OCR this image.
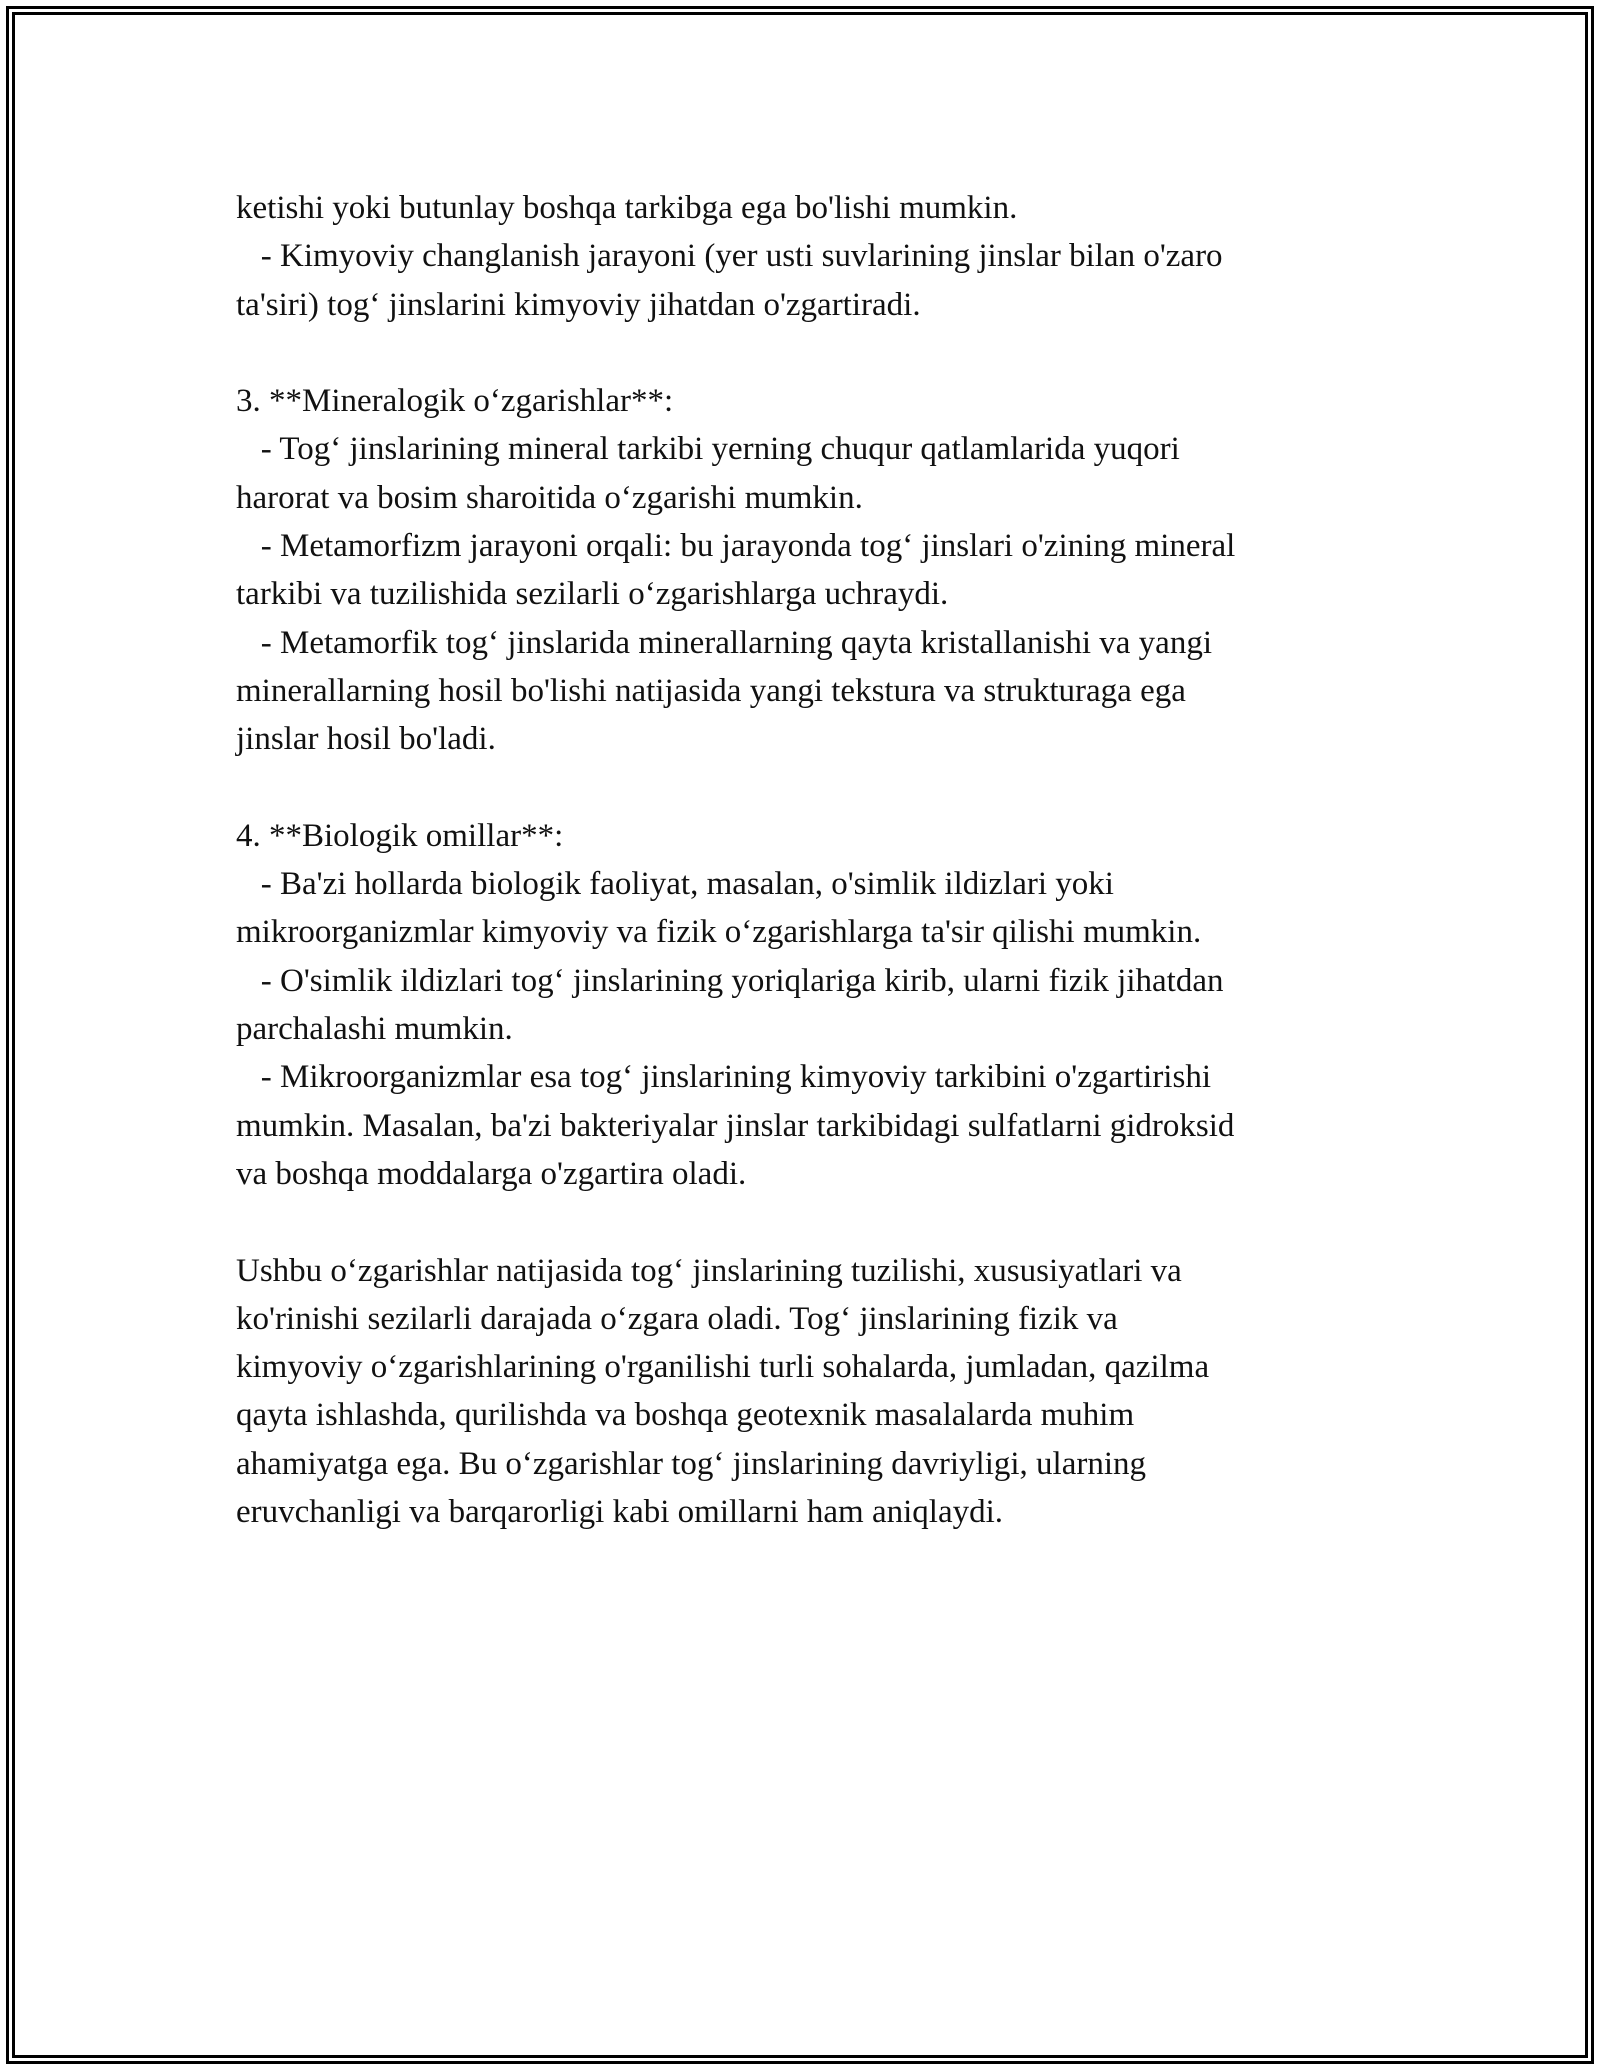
ketishi yoki butunlay boshqa tarkibga ega bo'lishi mumkin.
- Kimyoviy changlanish jarayoni (yer usti suvlarining jinslar bilan o'zaro
ta'siri) tog‘ jinslarini kimyoviy jihatdan o'zgartiradi.
3. **Mineralogik o‘zgarishlar**:
- Tog‘ jinslarining mineral tarkibi yerning chuqur qatlamlarida yuqori
harorat va bosim sharoitida o‘zgarishi mumkin.
- Metamorfizm jarayoni orqali: bu jarayonda tog‘ jinslari o'zining mineral
tarkibi va tuzilishida sezilarli o‘zgarishlarga uchraydi.
- Metamorfik tog‘ jinslarida minerallarning qayta kristallanishi va yangi
minerallarning hosil bo'lishi natijasida yangi tekstura va strukturaga ega
jinslar hosil bo'ladi.
4. **Biologik omillar**:
- Ba'zi hollarda biologik faoliyat, masalan, o'simlik ildizlari yoki
mikroorganizmlar kimyoviy va fizik o‘zgarishlarga ta'sir qilishi mumkin.
- O'simlik ildizlari tog‘ jinslarining yoriqlariga kirib, ularni fizik jihatdan
parchalashi mumkin.
- Mikroorganizmlar esa tog‘ jinslarining kimyoviy tarkibini o'zgartirishi
mumkin. Masalan, ba'zi bakteriyalar jinslar tarkibidagi sulfatlarni gidroksid
va boshqa moddalarga o'zgartira oladi.
Ushbu o‘zgarishlar natijasida tog‘ jinslarining tuzilishi, xususiyatlari va
ko'rinishi sezilarli darajada o‘zgara oladi. Tog‘ jinslarining fizik va
kimyoviy o‘zgarishlarining o'rganilishi turli sohalarda, jumladan, qazilma
qayta ishlashda, qurilishda va boshqa geotexnik masalalarda muhim
ahamiyatga ega. Bu o‘zgarishlar tog‘ jinslarining davriyligi, ularning
eruvchanligi va barqarorligi kabi omillarni ham aniqlaydi.
